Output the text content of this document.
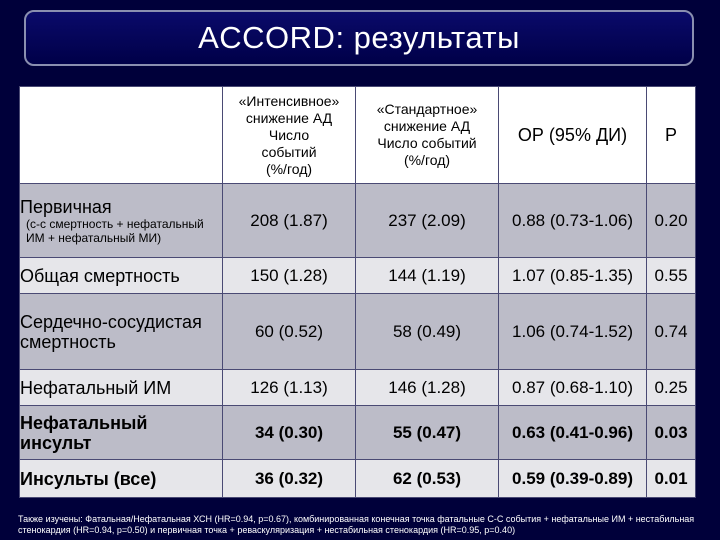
ACCORD: результаты

	«Интенсивное»
снижение АД
Число
событий
(%/год)	«Стандартное»
снижение АД
Число событий
(%/год)	ОР (95% ДИ)	P

Первичная
(с-с смертность + нефатальный ИМ + нефатальный МИ)	208 (1.87)	237 (2.09)	0.88 (0.73-1.06)	0.20

Общая смертность	150 (1.28)	144 (1.19)	1.07 (0.85-1.35)	0.55

Сердечно-сосудистая смертность	60 (0.52)	58 (0.49)	1.06 (0.74-1.52)	0.74

Нефатальный ИМ	126 (1.13)	146 (1.28)	0.87 (0.68-1.10)	0.25

Нефатальный инсульт	34 (0.30)	55 (0.47)	0.63 (0.41-0.96)	0.03

Инсульты (все)	36 (0.32)	62 (0.53)	0.59 (0.39-0.89)	0.01
Также изучены: Фатальная/Нефатальная ХСН (HR=0.94, p=0.67), комбинированная конечная точка фатальные С-С события + нефатальные ИМ + нестабильная стенокардия (HR=0.94, p=0.50) и первичная точка + реваскуляризация + нестабильная стенокардия (HR=0.95, p=0.40)
